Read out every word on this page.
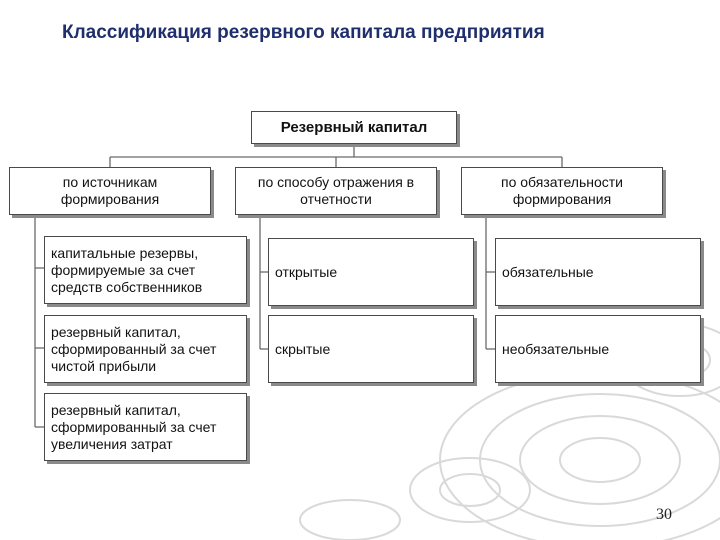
Классификация резервного капитала предприятия
Резервный капитал
по источникам формирования
по способу отражения в отчетности
по обязательности формирования
капитальные резервы, формируемые за счет средств собственников
резервный капитал, сформированный за счет чистой прибыли
резервный капитал, сформированный за счет увеличения затрат
открытые
скрытые
обязательные
необязательные
30
